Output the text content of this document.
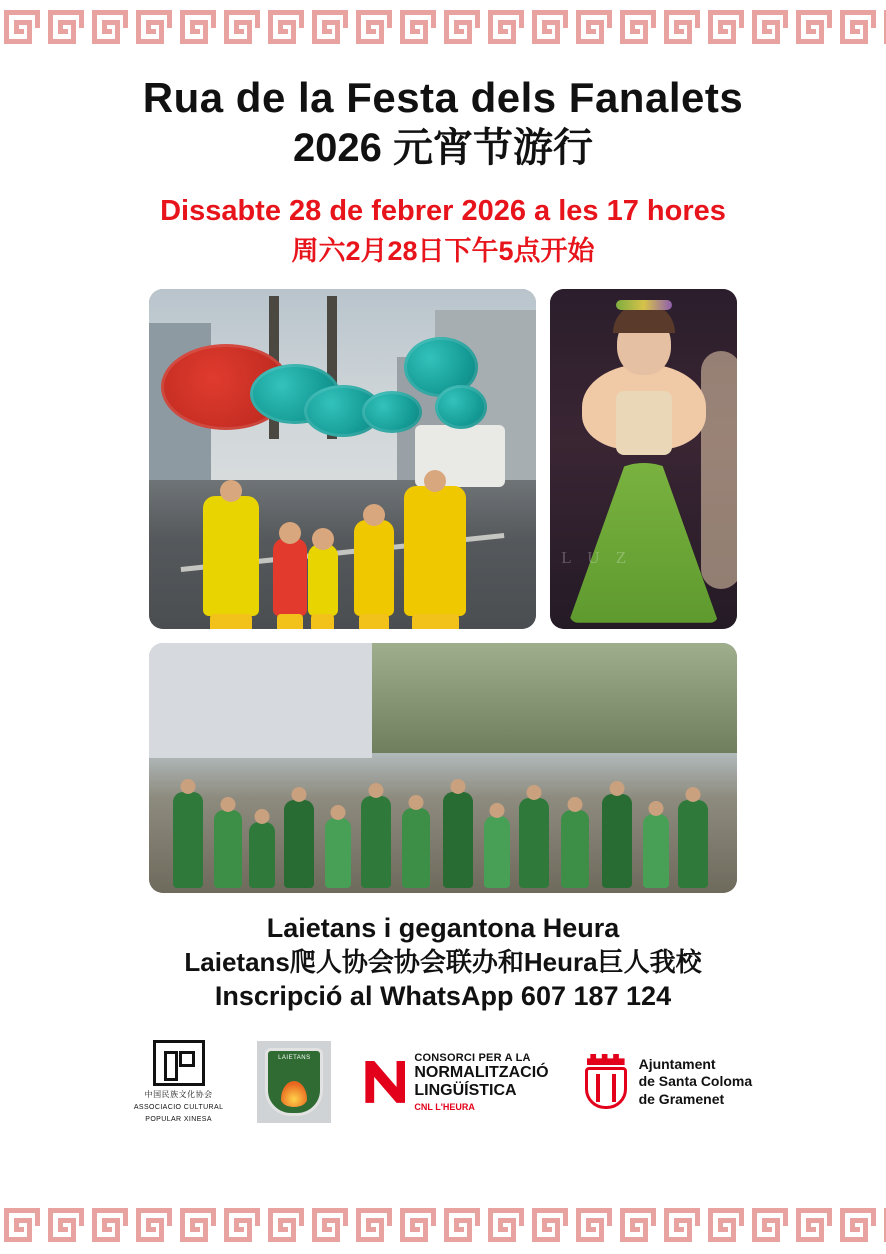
Rua de la Festa dels Fanalets
2026 元宵节游行
Dissabte 28 de febrer 2026 a les 17 hores
周六2月28日下午5点开始
L U Z
Laietans i gegantona Heura
Laietans爬人协会协会联办和Heura巨人我校
Inscripció al WhatsApp 607 187 124
中国民族文化协会
ASSOCIACIO CULTURAL
POPULAR XINESA
LAIETANS	CONSORCI PER A LA
NORMALITZACIÓ
LINGÜÍSTICA
CNL L'HEURA
Ajuntament
de Santa Coloma
de Gramenet
